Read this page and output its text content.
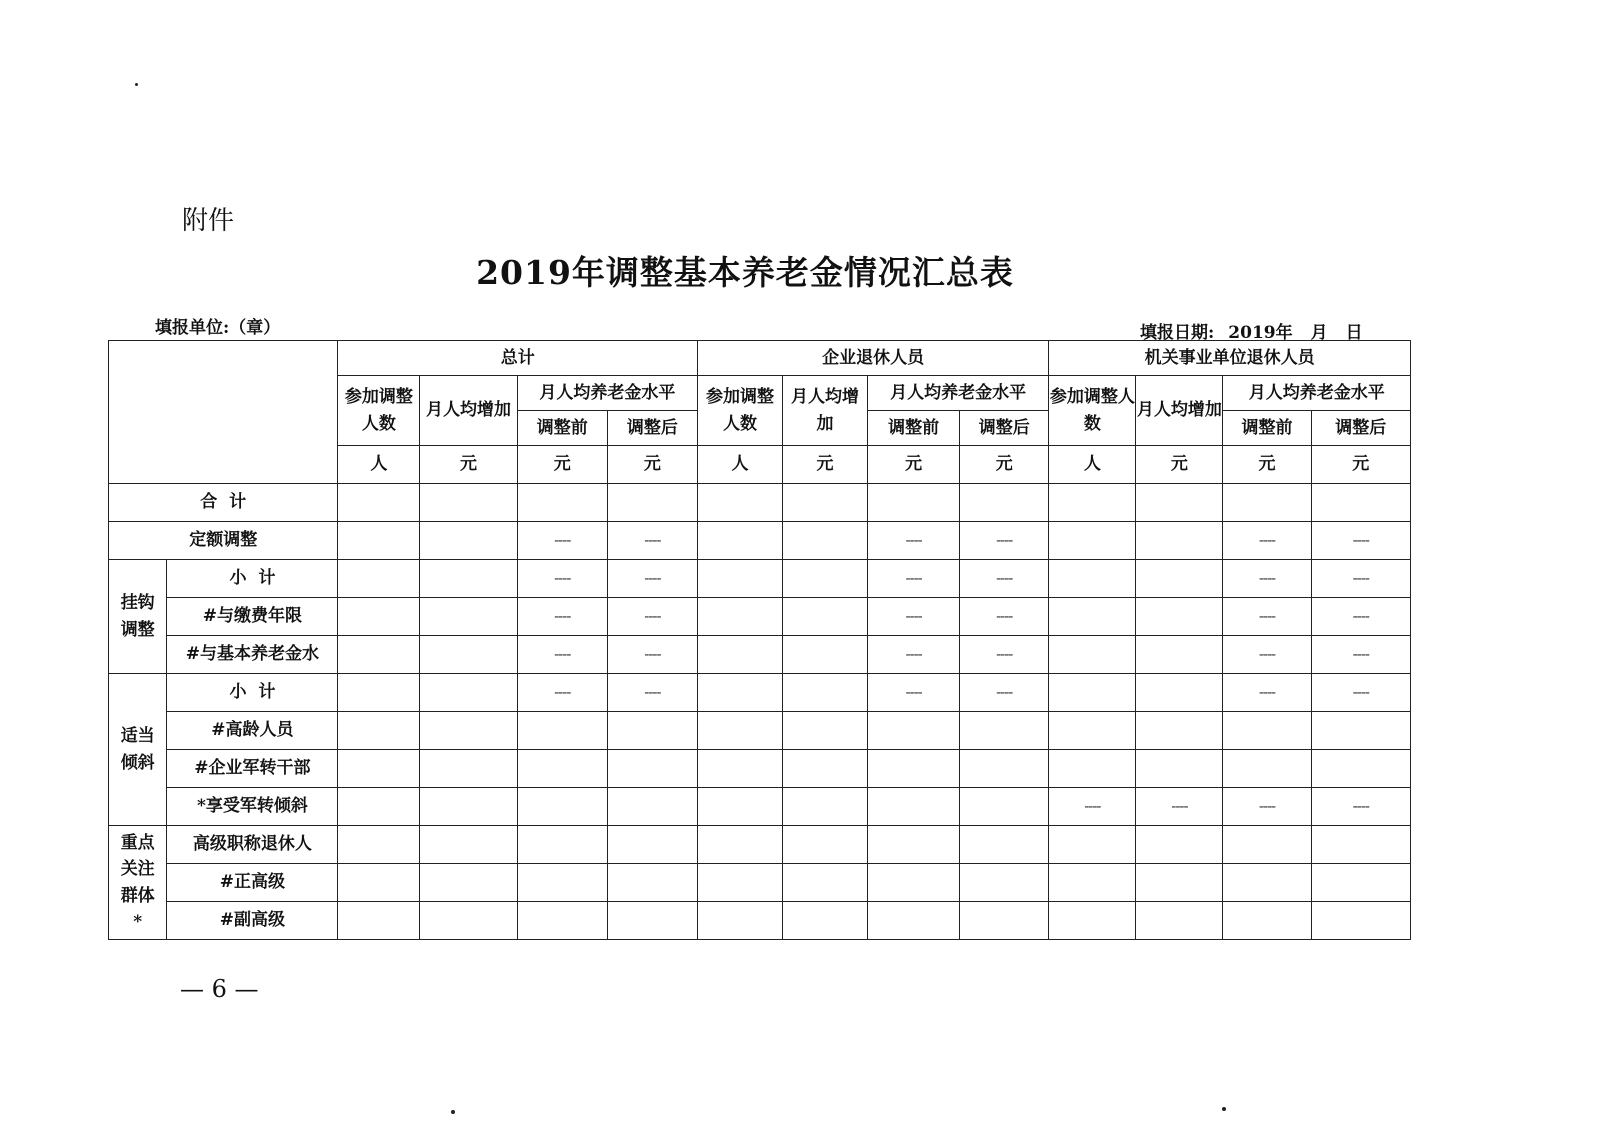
附件
2019年调整基本养老金情况汇总表
填报单位:（章）	填报日期: 2019年 月 日
		总计				企业退休人员				机关事业单位退休人员			
		参加调整人数	月人均增加	月人均养老金水平		参加调整人数	月人均增加	月人均养老金水平		参加调整人数	月人均增加	月人均养老金水平	
				调整前	调整后			调整前	调整后			调整前	调整后
		人	元	元	元	人	元	元	元	人	元	元	元
合  计													
定额调整				----	----			----	----			----	----
挂钩调整	小  计			----	----			----	----			----	----
	#与缴费年限			----	----			----	----			----	----
	#与基本养老金水			----	----			----	----			----	----
适当倾斜	小  计			----	----			----	----			----	----
	#高龄人员												
	#企业军转干部												
	*享受军转倾斜									----	----	----	----
重点关注群体*	高级职称退休人												
	#正高级												
	#副高级												
— 6 —
